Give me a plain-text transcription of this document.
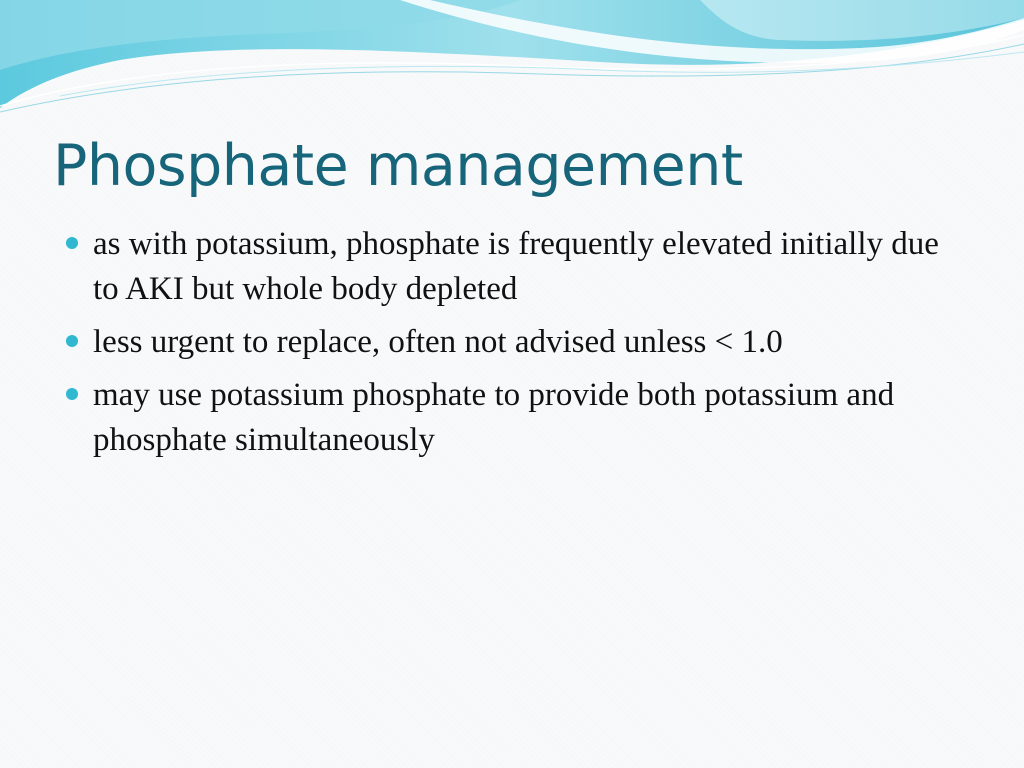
Phosphate management
as with potassium, phosphate is frequently elevated initially due to AKI but whole body depleted
less urgent to replace, often not advised unless < 1.0
may use potassium phosphate to provide both potassium and phosphate simultaneously
